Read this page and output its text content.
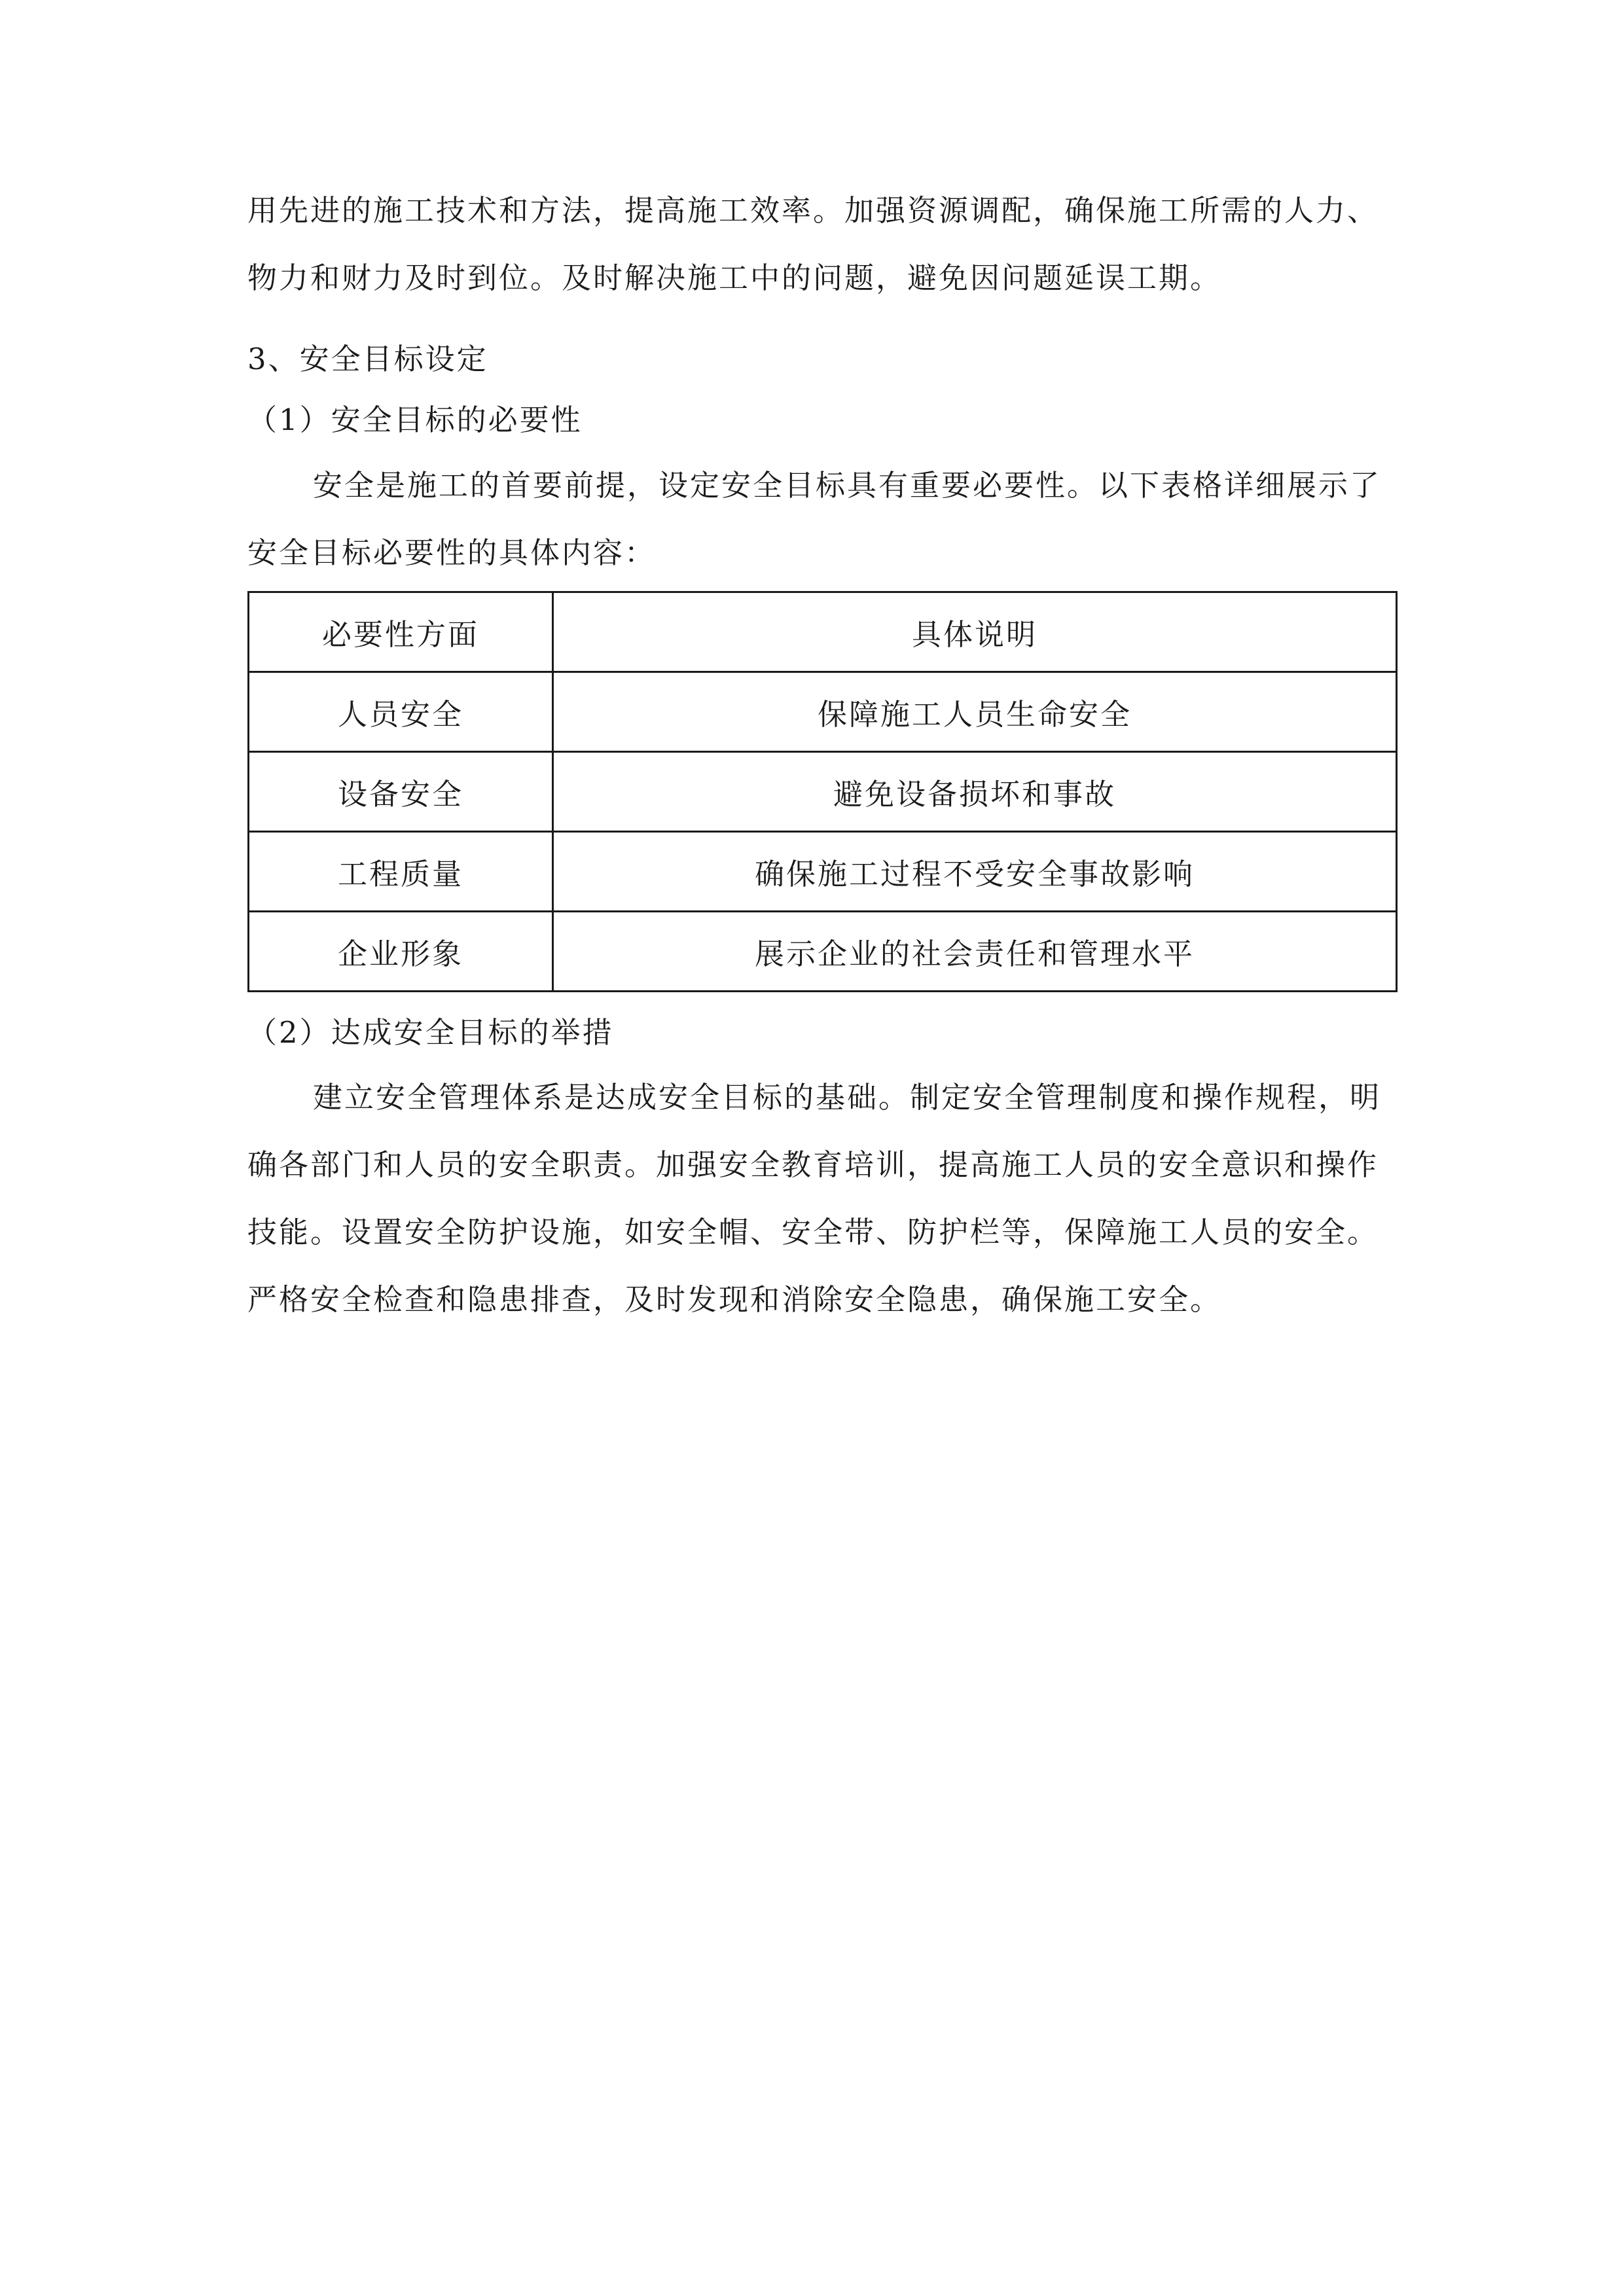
用先进的施工技术和方法，提高施工效率。加强资源调配，确保施工所需的人力、物力和财力及时到位。及时解决施工中的问题，避免因问题延误工期。

3、安全目标设定

（1）安全目标的必要性

安全是施工的首要前提，设定安全目标具有重要必要性。以下表格详细展示了安全目标必要性的具体内容：

必要性方面	具体说明
人员安全	保障施工人员生命安全
设备安全	避免设备损坏和事故
工程质量	确保施工过程不受安全事故影响
企业形象	展示企业的社会责任和管理水平

（2）达成安全目标的举措

建立安全管理体系是达成安全目标的基础。制定安全管理制度和操作规程，明确各部门和人员的安全职责。加强安全教育培训，提高施工人员的安全意识和操作技能。设置安全防护设施，如安全帽、安全带、防护栏等，保障施工人员的安全。严格安全检查和隐患排查，及时发现和消除安全隐患，确保施工安全。
